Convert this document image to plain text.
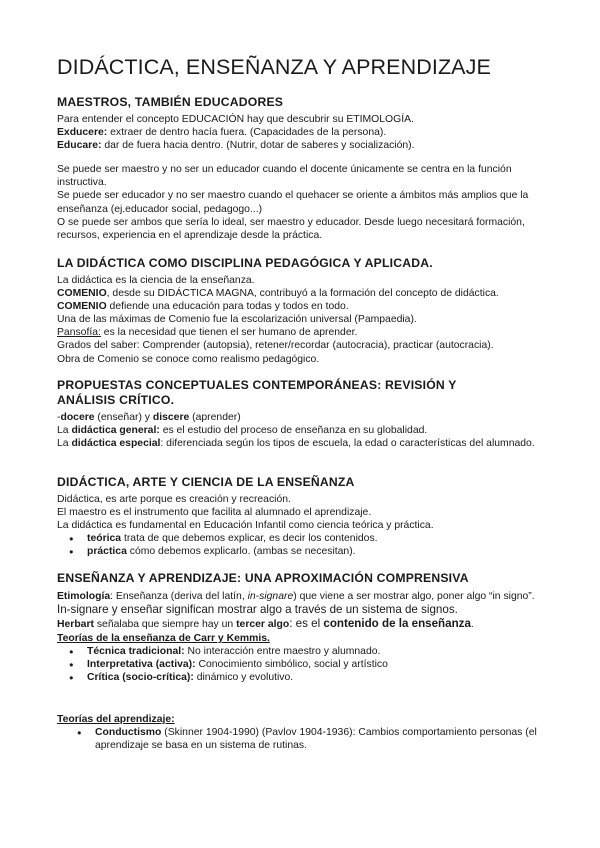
DIDÁCTICA, ENSEÑANZA Y APRENDIZAJE
MAESTROS, TAMBIÉN EDUCADORES

Para entender el concepto EDUCACIÓN hay que descubrir su ETIMOLOGÍA.

Exducere: extraer de dentro hacía fuera. (Capacidades de la persona).

Educare: dar de fuera hacia dentro. (Nutrir, dotar de saberes y socialización).

Se puede ser maestro y no ser un educador cuando el docente únicamente se centra en la función instructiva.

Se puede ser educador y no ser maestro cuando el quehacer se oriente a ámbitos más amplios que la enseñanza (ej.educador social, pedagogo...)

O se puede ser ambos que sería lo ideal, ser maestro y educador. Desde luego necesitará formación, recursos, experiencia en el aprendizaje desde la práctica.

LA DIDÁCTICA COMO DISCIPLINA PEDAGÓGICA Y APLICADA.

La didáctica es la ciencia de la enseñanza.

COMENIO, desde su DIDÁCTICA MAGNA, contribuyó a la formación del concepto de didáctica.

COMENIO defiende una educación para todas y todos en todo.

Una de las máximas de Comenio fue la escolarización universal (Pampaedia).

Pansofía: es la necesidad que tienen el ser humano de aprender.

Grados del saber: Comprender (autopsia), retener/recordar (autocracia), practicar (autocracia).

Obra de Comenio se conoce como realismo pedagógico.

PROPUESTAS CONCEPTUALES CONTEMPORÁNEAS: REVISIÓN Y ANÁLISIS CRÍTICO.

-docere (enseñar) y discere (aprender)

La didáctica general: es el estudio del proceso de enseñanza en su globalidad.

La didáctica especial: diferenciada según los tipos de escuela, la edad o características del alumnado.

DIDÁCTICA, ARTE Y CIENCIA DE LA ENSEÑANZA

Didáctica, es arte porque es creación y recreación.

El maestro es el instrumento que facilita al alumnado el aprendizaje.

La didáctica es fundamental en Educación Infantil como ciencia teórica y práctica.

● teórica trata de que debemos explicar, es decir los contenidos.
● práctica cómo debemos explicarlo. (ambas se necesitan).
ENSEÑANZA Y APRENDIZAJE: UNA APROXIMACIÓN COMPRENSIVA

Etimología: Enseñanza (deriva del latín, in-signare) que viene a ser mostrar algo, poner algo “in signo”. In-signare y enseñar significan mostrar algo a través de un sistema de signos.

Herbart señalaba que siempre hay un tercer algo: es el contenido de la enseñanza.

Teorías de la enseñanza de Carr y Kemmis.

● Técnica tradicional: No interacción entre maestro y alumnado.
● Interpretativa (activa): Conocimiento simbólico, social y artístico
● Crítica (socio-crítica): dinámico y evolutivo.

Teorías del aprendizaje:

● Conductismo (Skinner 1904-1990) (Pavlov 1904-1936): Cambios comportamiento personas (el aprendizaje se basa en un sistema de rutinas.
